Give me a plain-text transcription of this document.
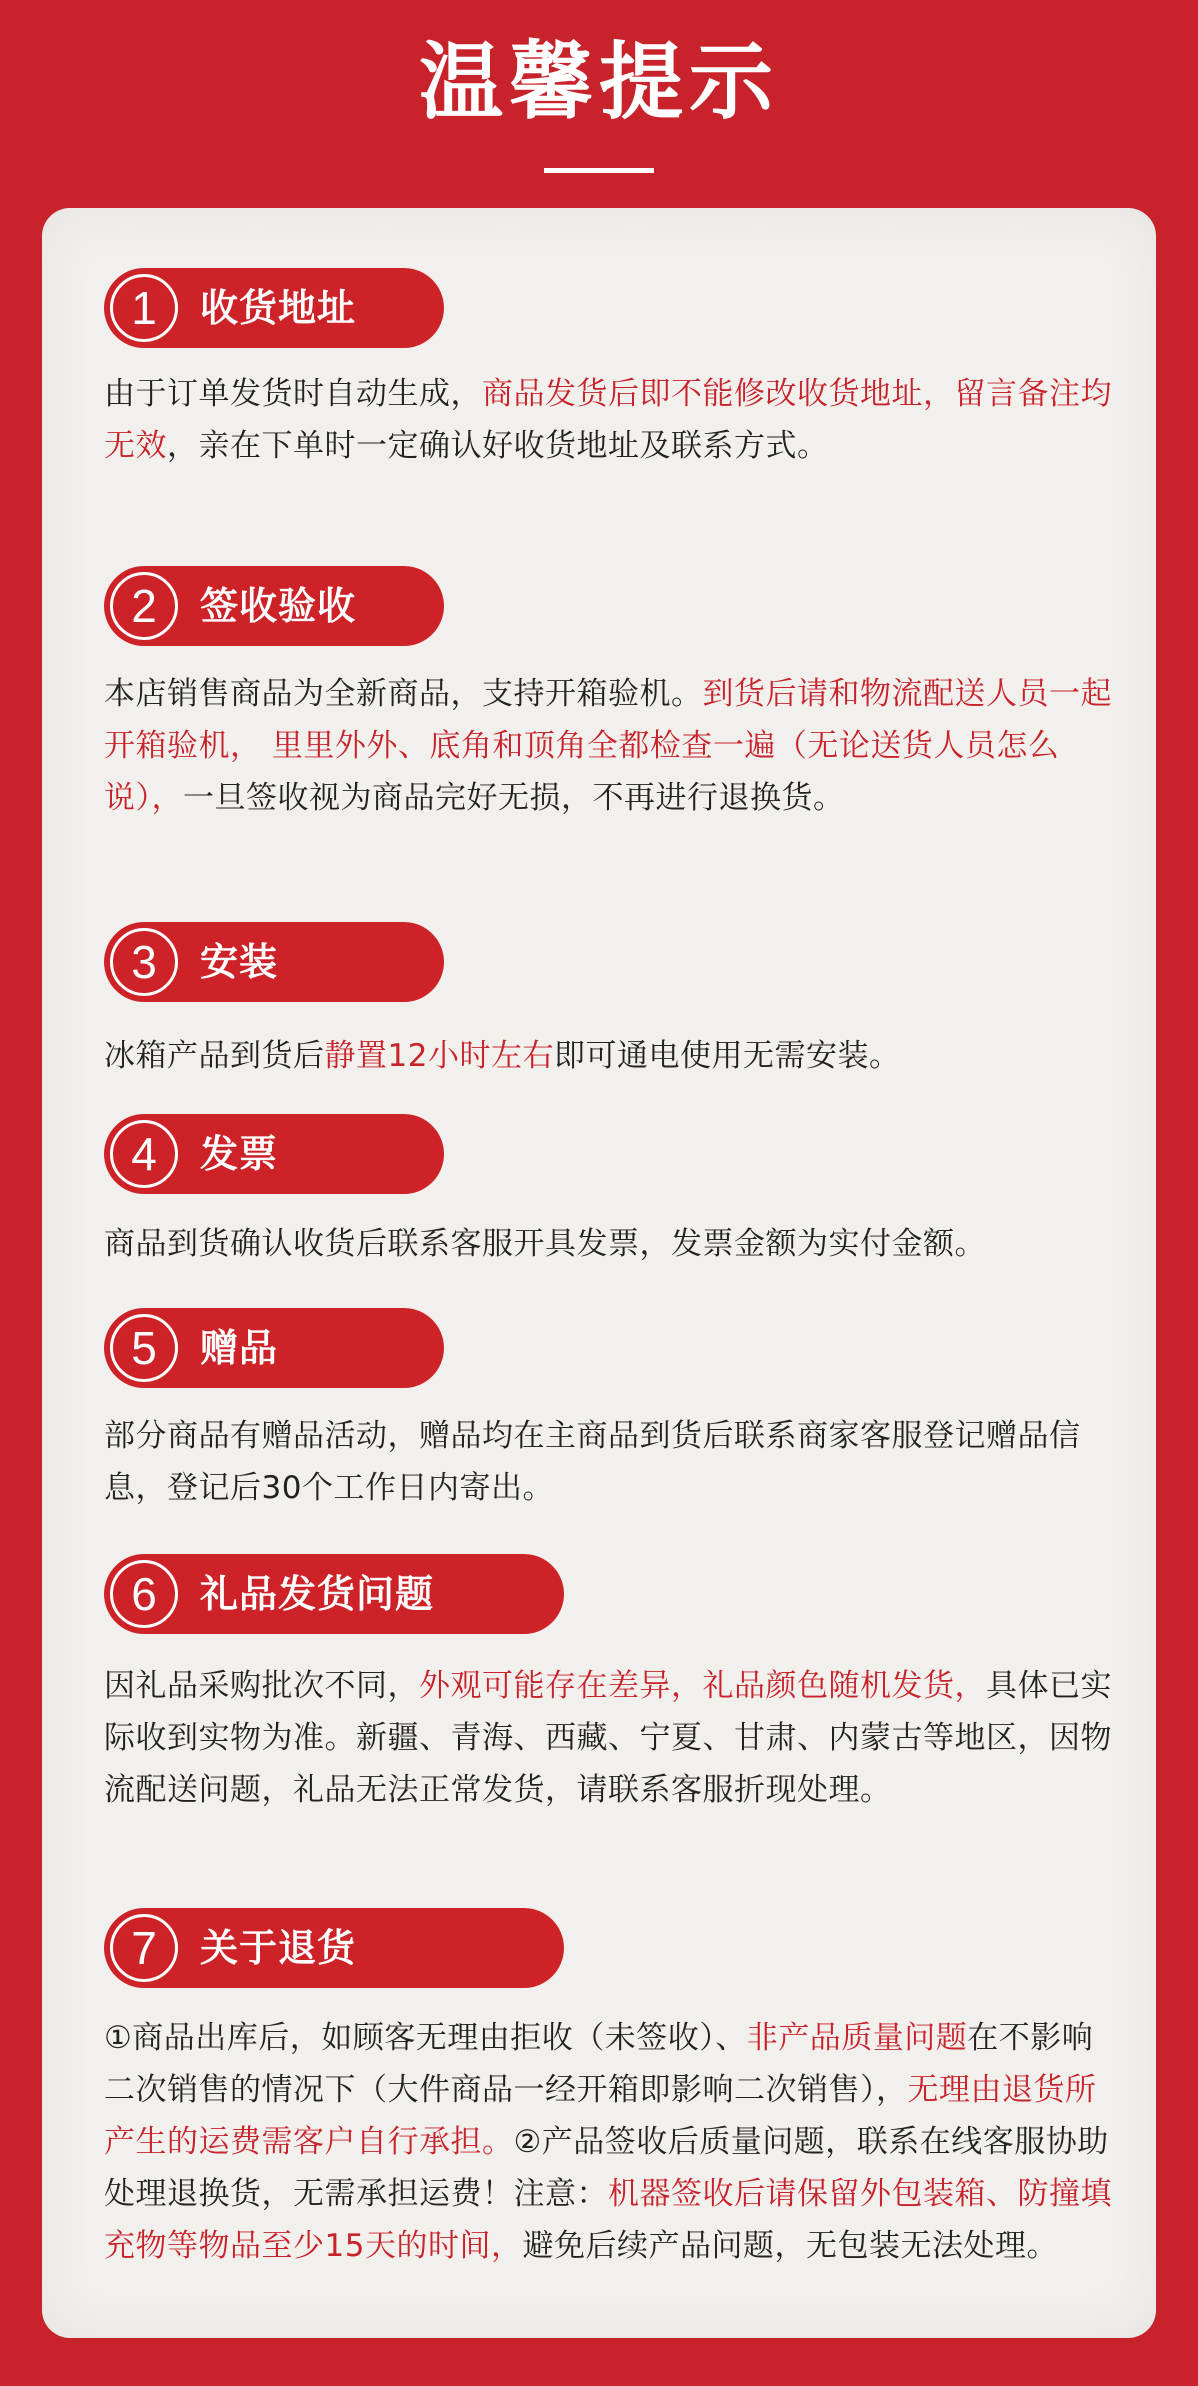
温馨提示
1	收货地址
由于订单发货时自动生成，商品发货后即不能修改收货地址，留言备注均无效，亲在下单时一定确认好收货地址及联系方式。
2	签收验收
本店销售商品为全新商品，支持开箱验机。到货后请和物流配送人员一起开箱验机， 里里外外、底角和顶角全都检查一遍（无论送货人员怎么说），一旦签收视为商品完好无损，不再进行退换货。
3	安装
冰箱产品到货后静置12小时左右即可通电使用无需安装。
4	发票
商品到货确认收货后联系客服开具发票，发票金额为实付金额。
5	赠品
部分商品有赠品活动，赠品均在主商品到货后联系商家客服登记赠品信息，登记后30个工作日内寄出。
6	礼品发货问题
因礼品采购批次不同，外观可能存在差异，礼品颜色随机发货，具体已实际收到实物为准。新疆、青海、西藏、宁夏、甘肃、内蒙古等地区，因物流配送问题，礼品无法正常发货，请联系客服折现处理。
7	关于退货
①商品出库后，如顾客无理由拒收（未签收）、非产品质量问题在不影响二次销售的情况下（大件商品一经开箱即影响二次销售），无理由退货所产生的运费需客户自行承担。②产品签收后质量问题，联系在线客服协助处理退换货，无需承担运费！注意：机器签收后请保留外包装箱、防撞填充物等物品至少15天的时间，避免后续产品问题，无包装无法处理。
